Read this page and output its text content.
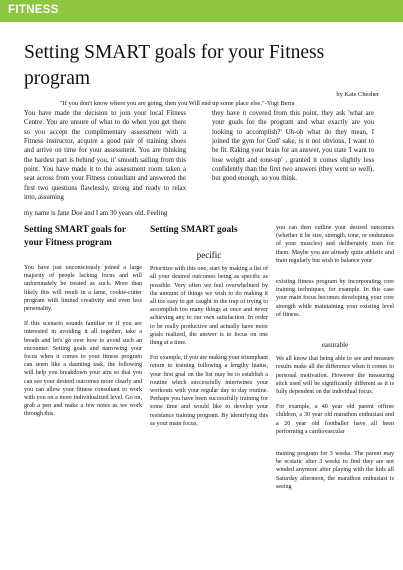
FITNESS
Setting SMART goals for your Fitness program
by Kate Chesher
"If you don't know where you are going, then you Will end up some place else."-Yogi Berra

You have made the decision to join your local Fitness Centre. You are unsure of what to do when you get there so you accept the complimentary assessment with a Fitness instructor, acquire a good pair of training shoes and arrive on time for your assessment. You are thinking the hardest part is behind you, it' smooth sailing from this point. You have made it to the assessment room taken a seat across from your Fitness consultant and answered the first two questions flawlessly, strong and ready to relax into, assuming

they have it covered from this point, they ask 'what are your goals for the program and what exactly are you looking to accomplish?' Uh-oh what do they mean, I joined the gym for God' sake, is it not obvious, I want to be fit. Raking your brain for an answer, you state 'I want to lose weight and tone-up' , granted it comes slightly less confidently than the first two answers (they went so well), but good enough, so you think.

my name is Jane Doe and I am 30 years old. Feeling

Setting SMART goals for your Fitness program

You have just unconsciously joined a large majority of people lacking focus and will unfortunately be treated as such. More than likely this will result in a lame, cookie-cutter program with limited creativity and even less personality.

If this scenario sounds familiar or if you are interested in avoiding it all together, take a breath and let's go over how to avoid such an encounter. Setting goals and narrowing your focus when it comes to your fitness program can seem like a daunting task, the following will help you breakdown your aim so that you can see your desired outcomes more clearly and you can allow your fitness consultant to work with you on a more individualized level. Go on, grab a pen and make a few notes as we work through this.

Setting SMART goals
pecific

Prioritize with this one, start by making a list of all your desired outcomes being as specific as possible. Very often we feel overwhelmed by the amount of things we wish to do making it all too easy to get caught in the trap of trying to accomplish too many things at once and never achieving any to our own satisfaction. In order to be really productive and actually have more goals realized, the answer is to focus on one thing at a time.

For example, if you are making your triumphant return to training following a lengthy hiatus, your first goal on the list may be to establish a routine which successfully intertwines your workouts with your regular day to day routine. Perhaps you have been successfully training for some time and would like to develop your resistance training program. By identifying this as your main focus,

you can then outline your desired outcomes (whether it be size, strength, tone, or endurance of your muscles) and deliberately train for them. Maybe you are already quite athletic and train regularly but wish to balance your

existing fitness program by incorporating core training techniques, for example. In this case your main focus becomes developing your core strength while maintaining your existing level of fitness.

easurable

We all know that being able to see and measure results make all the difference when it comes to personal motivation. However the measuring stick used will be significantly different as it is fully dependent on the individual focus.

For example, a 40 year old parent offtree children, a 30 year old marathon enthusiast and a 20 year old footballer have all been performing a cardiovascular

training program for 3 weeks. The parent may be ecstatic after 3 weeks to find they are not winded anymore after playing with the kids all Saturday afternoon, the marathon enthusiast is seeing
